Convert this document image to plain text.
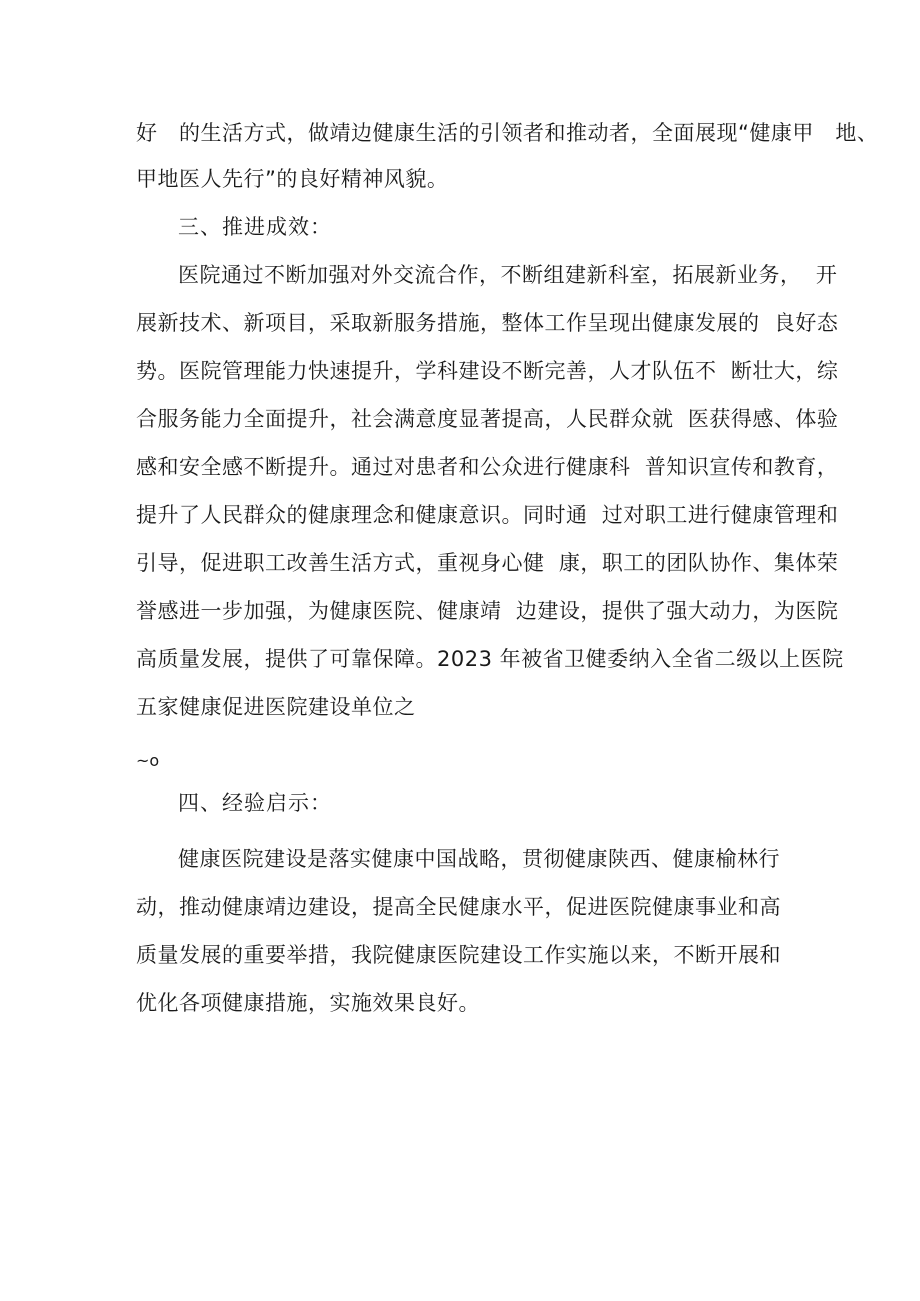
好   的生活方式，做靖边健康生活的引领者和推动者，全面展现“健康甲   地、
甲地医人先行”的良好精神风貌。
三、推进成效：
医院通过不断加强对外交流合作，不断组建新科室，拓展新业务，  开
展新技术、新项目，采取新服务措施，整体工作呈现出健康发展的  良好态
势。医院管理能力快速提升，学科建设不断完善，人才队伍不  断壮大，综
合服务能力全面提升，社会满意度显著提高，人民群众就  医获得感、体验
感和安全感不断提升。通过对患者和公众进行健康科  普知识宣传和教育，
提升了人民群众的健康理念和健康意识。同时通  过对职工进行健康管理和
引导，促进职工改善生活方式，重视身心健  康，职工的团队协作、集体荣
誉感进一步加强，为健康医院、健康靖  边建设，提供了强大动力，为医院
高质量发展，提供了可靠保障。2023 年被省卫健委纳入全省二级以上医院
五家健康促进医院建设单位之
~o
四、经验启示：
健康医院建设是落实健康中国战略，贯彻健康陕西、健康榆林行
动，推动健康靖边建设，提高全民健康水平，促进医院健康事业和高
质量发展的重要举措，我院健康医院建设工作实施以来，不断开展和
优化各项健康措施，实施效果良好。
